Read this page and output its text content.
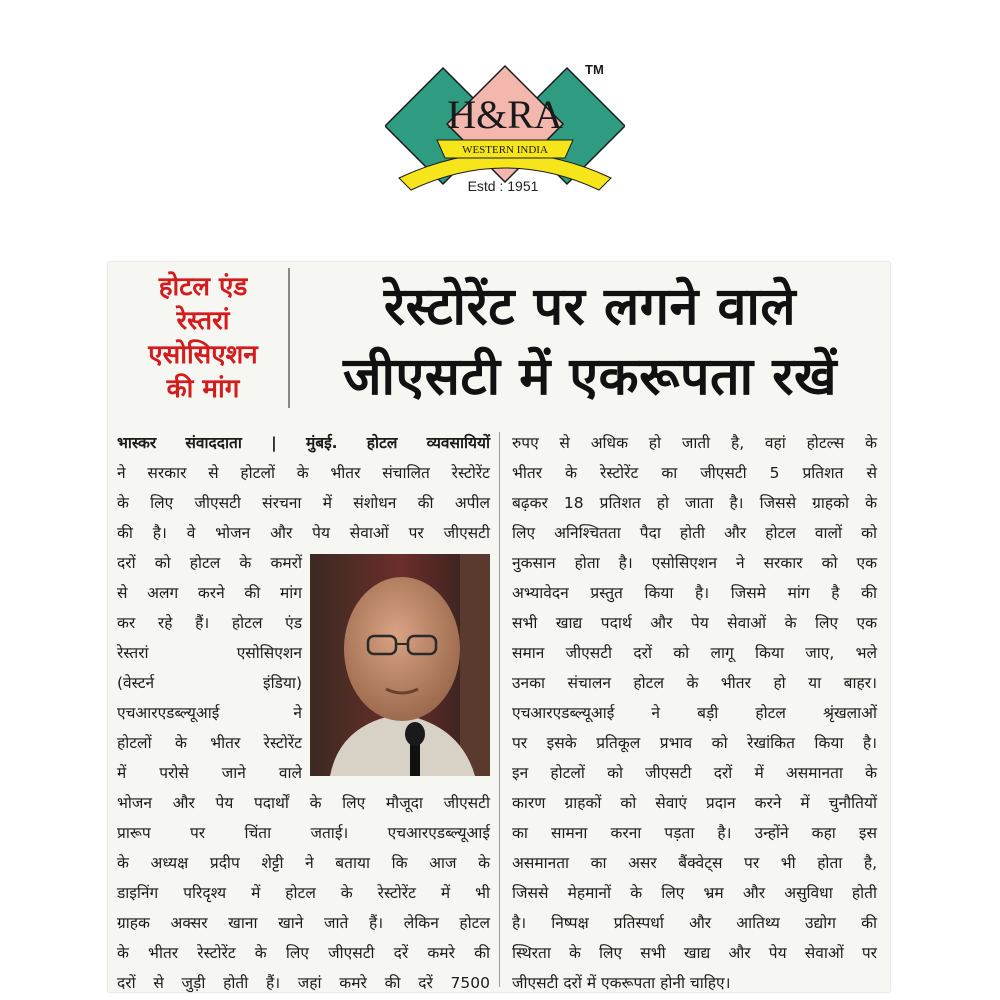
H&RA
WESTERN INDIA
TM
Estd : 1951
होटल एंड
रेस्तरां
एसोसिएशन
की मांग
रेस्टोरेंट पर लगने वाले
जीएसटी में एकरूपता रखें
भास्कर संवाददाता | मुंबई. होटल व्यवसायियों
ने सरकार से होटलों के भीतर संचालित रेस्टोरेंट
के लिए जीएसटी संरचना में संशोधन की अपील
की है। वे भोजन और पेय सेवाओं पर जीएसटी
दरों को होटल के कमरों
से अलग करने की मांग
कर रहे हैं। होटल एंड
रेस्तरां एसोसिएशन
(वेस्टर्न इंडिया)
एचआरएडब्ल्यूआई ने
होटलों के भीतर रेस्टोरेंट
में परोसे जाने वाले
भोजन और पेय पदार्थों के लिए मौजूदा जीएसटी
प्रारूप पर चिंता जताई। एचआरएडब्ल्यूआई
के अध्यक्ष प्रदीप शेट्टी ने बताया कि आज के
डाइनिंग परिदृश्य में होटल के रेस्टोरेंट में भी
ग्राहक अक्सर खाना खाने जाते हैं। लेकिन होटल
के भीतर रेस्टोरेंट के लिए जीएसटी दरें कमरे की
दरों से जुड़ी होती हैं। जहां कमरे की दरें 7500
रुपए से अधिक हो जाती है, वहां होटल्स के
भीतर के रेस्टोरेंट का जीएसटी 5 प्रतिशत से
बढ़कर 18 प्रतिशत हो जाता है। जिससे ग्राहको के
लिए अनिश्चितता पैदा होती और होटल वालों को
नुकसान होता है। एसोसिएशन ने सरकार को एक
अभ्यावेदन प्रस्तुत किया है। जिसमे मांग है की
सभी खाद्य पदार्थ और पेय सेवाओं के लिए एक
समान जीएसटी दरों को लागू किया जाए, भले
उनका संचालन होटल के भीतर हो या बाहर।
एचआरएडब्ल्यूआई ने बड़ी होटल श्रृंखलाओं
पर इसके प्रतिकूल प्रभाव को रेखांकित किया है।
इन होटलों को जीएसटी दरों में असमानता के
कारण ग्राहकों को सेवाएं प्रदान करने में चुनौतियों
का सामना करना पड़ता है। उन्होंने कहा इस
असमानता का असर बैंक्वेट्स पर भी होता है,
जिससे मेहमानों के लिए भ्रम और असुविधा होती
है। निष्पक्ष प्रतिस्पर्धा और आतिथ्य उद्योग की
स्थिरता के लिए सभी खाद्य और पेय सेवाओं पर
जीएसटी दरों में एकरूपता होनी चाहिए।
